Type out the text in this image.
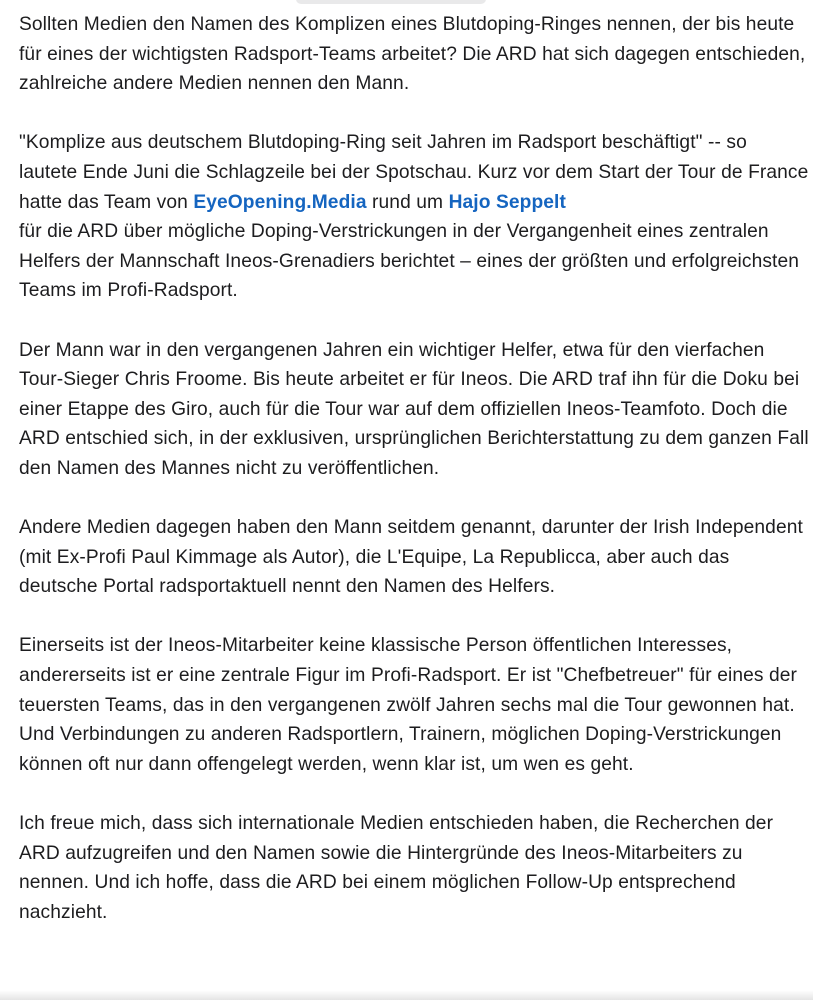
Sollten Medien den Namen des Komplizen eines Blutdoping-Ringes nennen, der bis heute für eines der wichtigsten Radsport-Teams arbeitet? Die ARD hat sich dagegen entschieden, zahlreiche andere Medien nennen den Mann.

"Komplize aus deutschem Blutdoping-Ring seit Jahren im Radsport beschäftigt" -- so lautete Ende Juni die Schlagzeile bei der Spotschau. Kurz vor dem Start der Tour de France hatte das Team von EyeOpening.Media rund um Hajo Seppelt
für die ARD über mögliche Doping-Verstrickungen in der Vergangenheit eines zentralen Helfers der Mannschaft Ineos-Grenadiers berichtet – eines der größten und erfolgreichsten Teams im Profi-Radsport.

Der Mann war in den vergangenen Jahren ein wichtiger Helfer, etwa für den vierfachen Tour-Sieger Chris Froome. Bis heute arbeitet er für Ineos. Die ARD traf ihn für die Doku bei einer Etappe des Giro, auch für die Tour war auf dem offiziellen Ineos-Teamfoto. Doch die ARD entschied sich, in der exklusiven, ursprünglichen Berichterstattung zu dem ganzen Fall den Namen des Mannes nicht zu veröffentlichen.

Andere Medien dagegen haben den Mann seitdem genannt, darunter der Irish Independent (mit Ex-Profi Paul Kimmage als Autor), die L'Equipe, La Republicca, aber auch das deutsche Portal radsportaktuell nennt den Namen des Helfers.

Einerseits ist der Ineos-Mitarbeiter keine klassische Person öffentlichen Interesses, andererseits ist er eine zentrale Figur im Profi-Radsport. Er ist "Chefbetreuer" für eines der teuersten Teams, das in den vergangenen zwölf Jahren sechs mal die Tour gewonnen hat. Und Verbindungen zu anderen Radsportlern, Trainern, möglichen Doping-Verstrickungen können oft nur dann offengelegt werden, wenn klar ist, um wen es geht.

Ich freue mich, dass sich internationale Medien entschieden haben, die Recherchen der ARD aufzugreifen und den Namen sowie die Hintergründe des Ineos-Mitarbeiters zu nennen. Und ich hoffe, dass die ARD bei einem möglichen Follow-Up entsprechend nachzieht.
